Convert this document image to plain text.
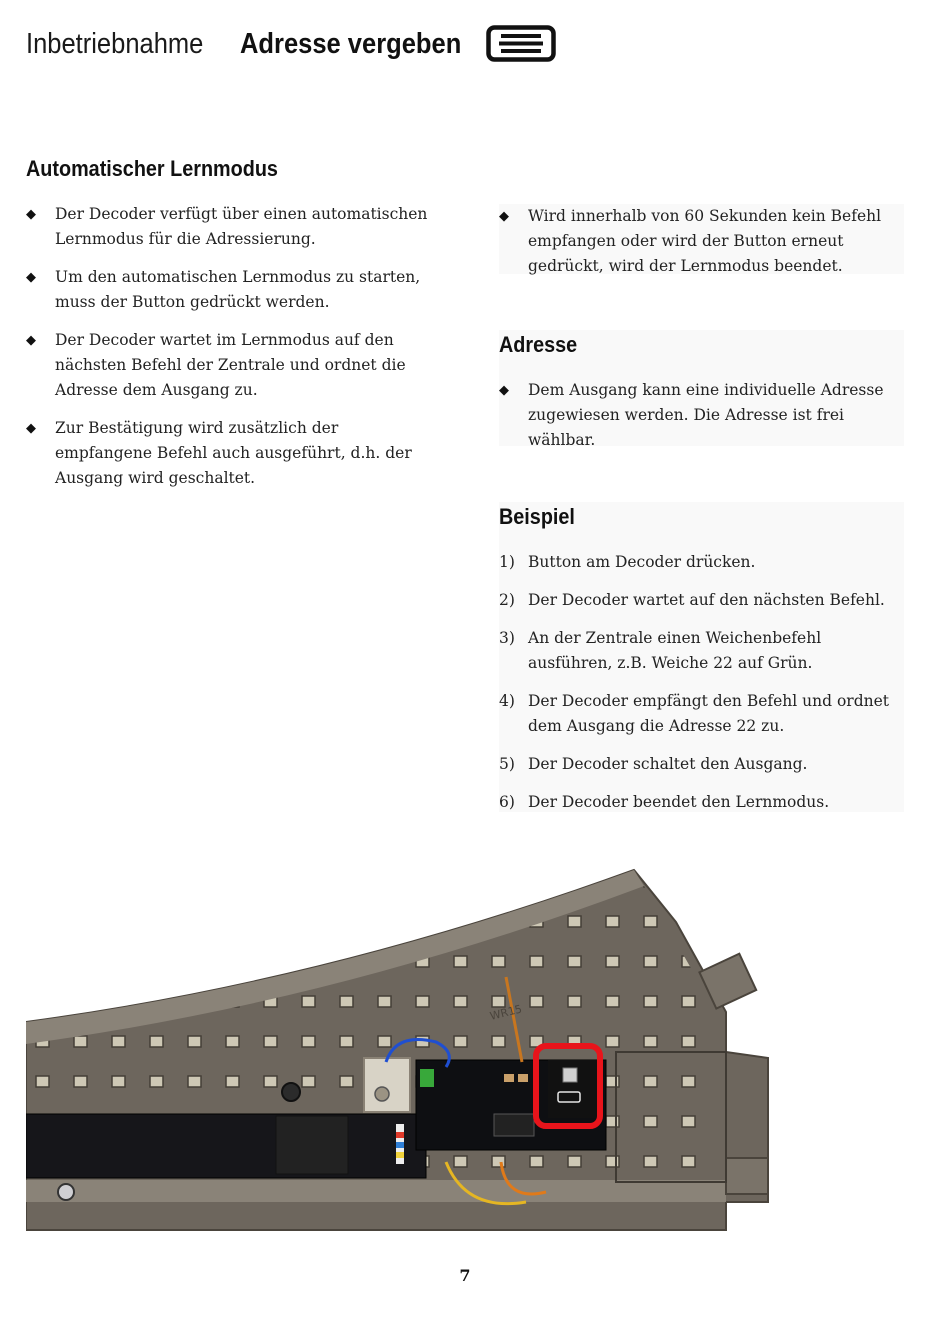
Inbetriebnahme Adresse vergeben
Automatischer Lernmodus
◆ Der Decoder verfügt über einen automatischen Lernmodus für die Adressierung.
◆ Um den automatischen Lernmodus zu starten, muss der Button gedrückt werden.
◆ Der Decoder wartet im Lernmodus auf den nächsten Befehl der Zentrale und ordnet die Adresse dem Ausgang zu.
◆ Zur Bestätigung wird zusätzlich der empfangene Befehl auch ausgeführt, d.h. der Ausgang wird geschaltet.
◆ Wird innerhalb von 60 Sekunden kein Befehl empfangen oder wird der Button erneut gedrückt, wird der Lernmodus beendet.
Adresse
◆ Dem Ausgang kann eine individuelle Adresse zugewiesen werden. Die Adresse ist frei wählbar.
Beispiel
1) Button am Decoder drücken.
2) Der Decoder wartet auf den nächsten Befehl.
3) An der Zentrale einen Weichenbefehl ausführen, z.B. Weiche 22 auf Grün.
4) Der Decoder empfängt den Befehl und ordnet dem Ausgang die Adresse 22 zu.
5) Der Decoder schaltet den Ausgang.
6) Der Decoder beendet den Lernmodus.
WR15
7
